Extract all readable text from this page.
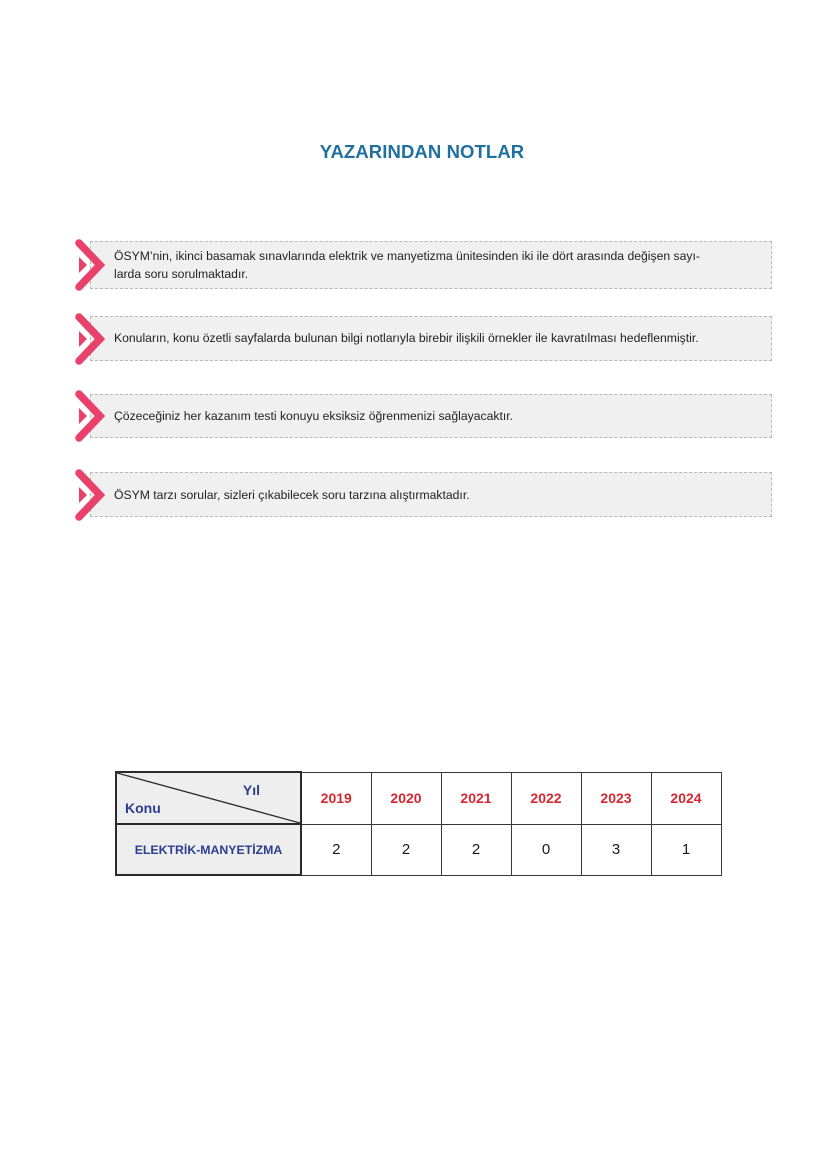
YAZARINDAN NOTLAR
ÖSYM’nin, ikinci basamak sınavlarında elektrik ve manyetizma ünitesinden iki ile dört arasında değişen sayı-
larda soru sorulmaktadır.
Konuların, konu özetli sayfalarda bulunan bilgi notlarıyla birebir ilişkili örnekler ile kavratılması hedeflenmiştir.
Çözeceğiniz her kazanım testi konuyu eksiksiz öğrenmenizi sağlayacaktır.
ÖSYM tarzı sorular, sizleri çıkabilecek soru tarzına alıştırmaktadır.
Yıl
Konu	2019	2020	2021	2022	2023	2024
ELEKTRİK-MANYETİZMA	2	2	2	0	3	1
